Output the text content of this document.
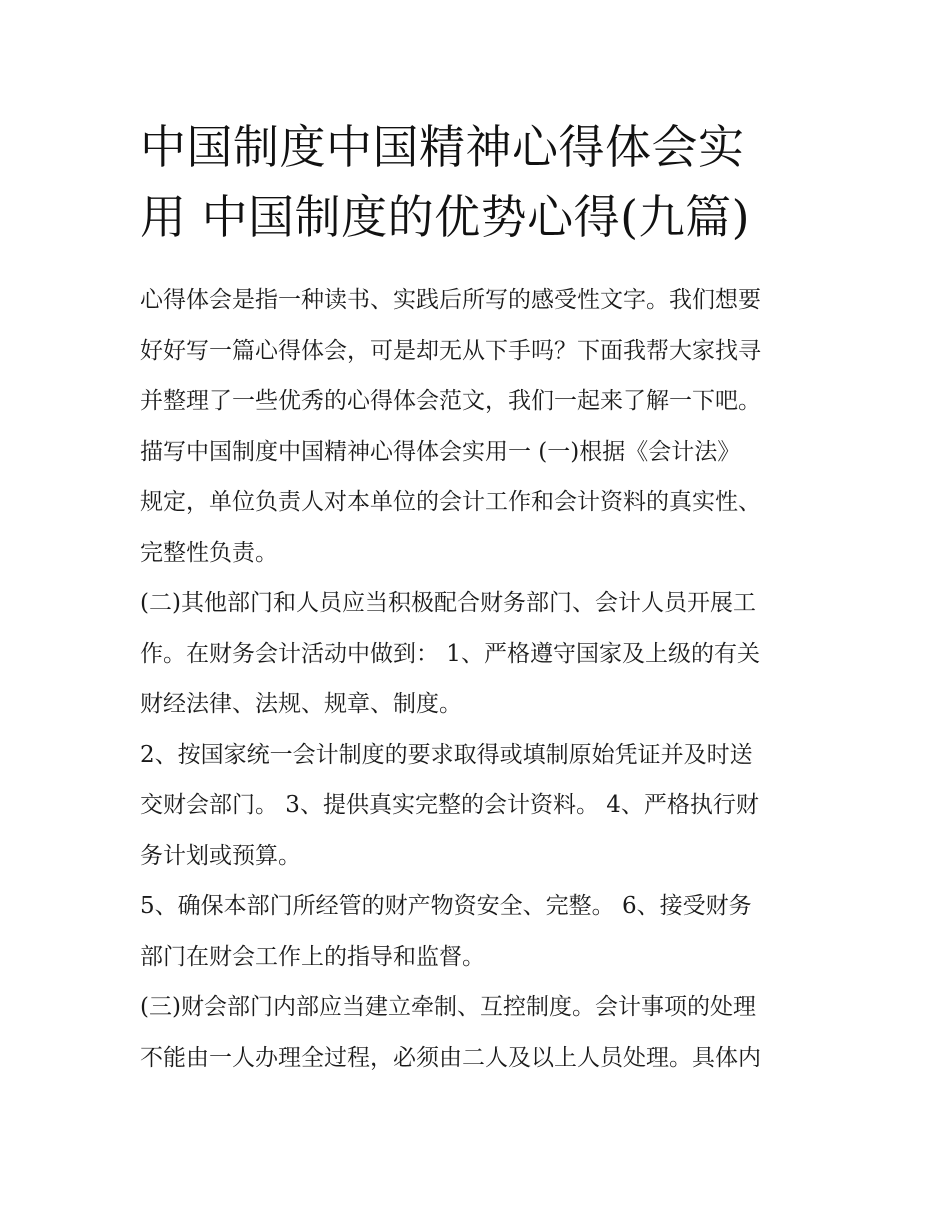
中国制度中国精神心得体会实
用 中国制度的优势心得(九篇)

心得体会是指一种读书、实践后所写的感受性文字。我们想要
好好写一篇心得体会，可是却无从下手吗？下面我帮大家找寻
并整理了一些优秀的心得体会范文，我们一起来了解一下吧。
描写中国制度中国精神心得体会实用一 (一)根据《会计法》
规定，单位负责人对本单位的会计工作和会计资料的真实性、
完整性负责。

(二)其他部门和人员应当积极配合财务部门、会计人员开展工
作。在财务会计活动中做到： 1、严格遵守国家及上级的有关
财经法律、法规、规章、制度。

2、按国家统一会计制度的要求取得或填制原始凭证并及时送
交财会部门。 3、提供真实完整的会计资料。 4、严格执行财
务计划或预算。

5、确保本部门所经管的财产物资安全、完整。 6、接受财务
部门在财会工作上的指导和监督。

(三)财会部门内部应当建立牵制、互控制度。会计事项的处理
不能由一人办理全过程，必须由二人及以上人员处理。具体内
